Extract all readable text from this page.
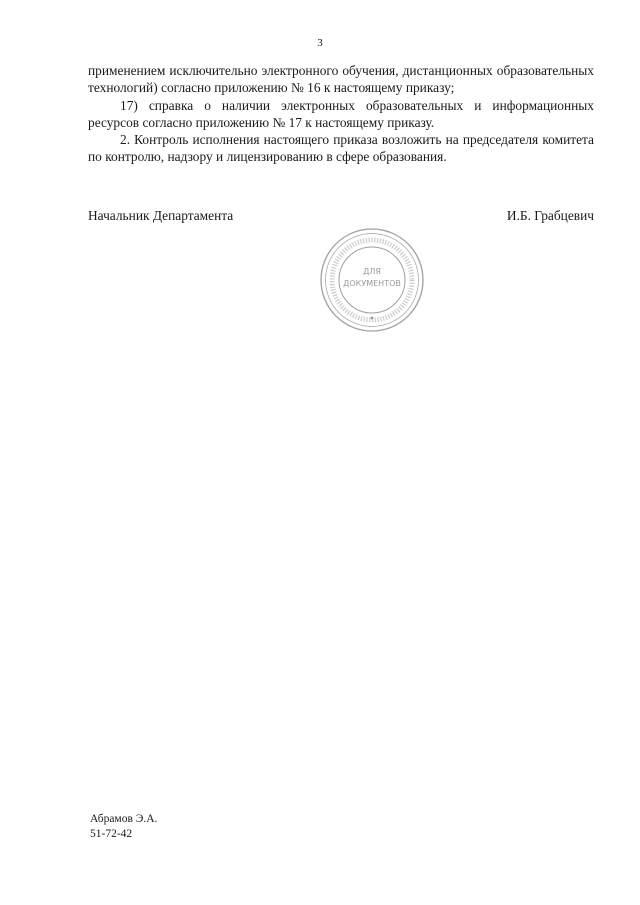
3

применением исключительно электронного обучения, дистанционных образовательных технологий) согласно приложению № 16 к настоящему приказу;

17) справка о наличии электронных образовательных и информационных ресурсов согласно приложению № 17 к настоящему приказу.

2. Контроль исполнения настоящего приказа возложить на председателя комитета по контролю, надзору и лицензированию в сфере образования.

Начальник Департамента	И.Б. Грабцевич
ДЛЯ
ДОКУМЕНТОВ
Абрамов Э.А.
51-72-42
